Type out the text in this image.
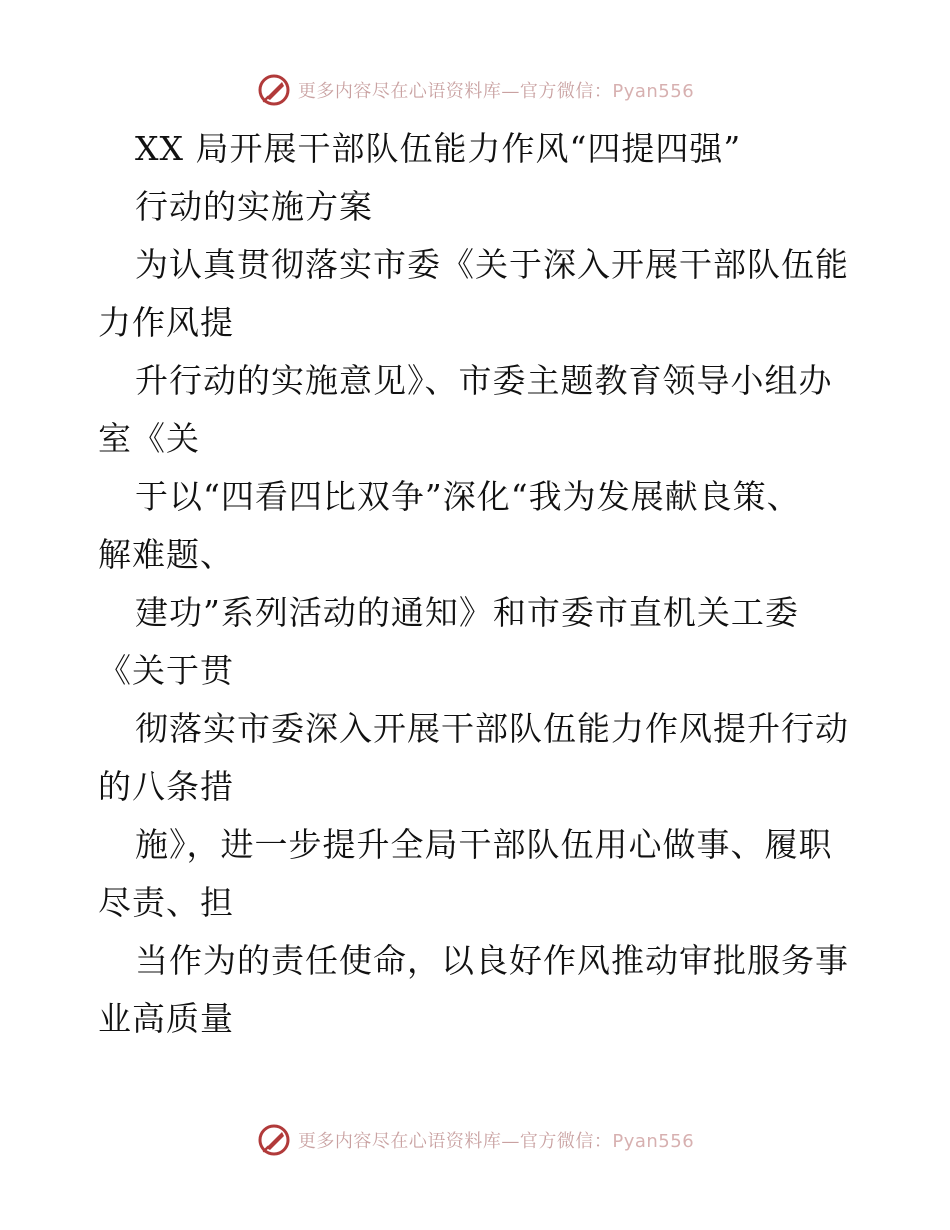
更多内容尽在心语资料库—官方微信：Pyan556
XX 局开展干部队伍能力作风“四提四强”
行动的实施方案
为认真贯彻落实市委《关于深入开展干部队伍能
力作风提
升行动的实施意见》、市委主题教育领导小组办
室《关
于以“四看四比双争”深化“我为发展献良策、
解难题、
建功”系列活动的通知》和市委市直机关工委
《关于贯
彻落实市委深入开展干部队伍能力作风提升行动
的八条措
施》，进一步提升全局干部队伍用心做事、履职
尽责、担
当作为的责任使命，以良好作风推动审批服务事
业高质量
更多内容尽在心语资料库—官方微信：Pyan556
